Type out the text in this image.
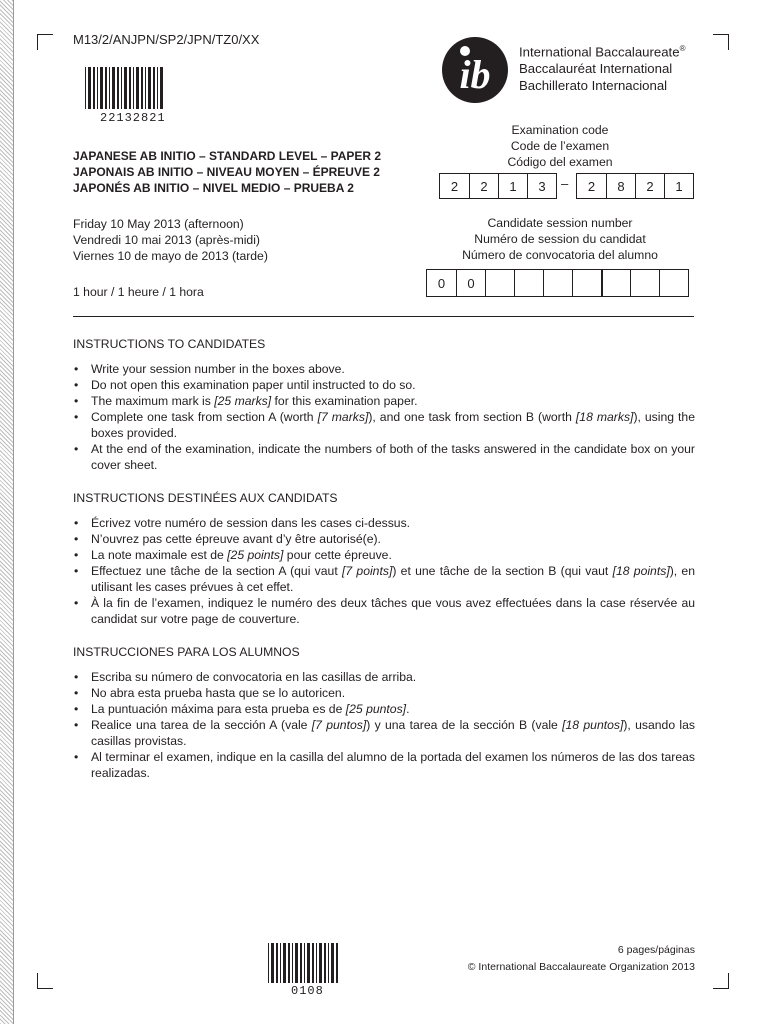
M13/2/ANJPN/SP2/JPN/TZ0/XX
22132821
ib
International Baccalaureate®
Baccalauréat International
Bachillerato Internacional
JAPANESE AB INITIO – STANDARD LEVEL – PAPER 2
JAPONAIS AB INITIO – NIVEAU MOYEN – ÉPREUVE 2
JAPONÉS AB INITIO – NIVEL MEDIO – PRUEBA 2
Friday 10 May 2013 (afternoon)
Vendredi 10 mai 2013 (après-midi)
Viernes 10 de mayo de 2013 (tarde)
1 hour / 1 heure / 1 hora
Examination code
Code de l’examen
Código del examen
2	2	1	3	–	2	8	2	1
Candidate session number
Numéro de session du candidat
Número de convocatoria del alumno
0	0
INSTRUCTIONS TO CANDIDATES
• Write your session number in the boxes above.
• Do not open this examination paper until instructed to do so.
• The maximum mark is [25 marks] for this examination paper.
• Complete one task from section A (worth [7 marks]), and one task from section B (worth [18 marks]), using the boxes provided.
• At the end of the examination, indicate the numbers of both of the tasks answered in the candidate box on your cover sheet.
INSTRUCTIONS DESTINÉES AUX CANDIDATS
• Écrivez votre numéro de session dans les cases ci-dessus.
• N’ouvrez pas cette épreuve avant d’y être autorisé(e).
• La note maximale est de [25 points] pour cette épreuve.
• Effectuez une tâche de la section A (qui vaut [7 points]) et une tâche de la section B (qui vaut [18 points]), en utilisant les cases prévues à cet effet.
• À la fin de l’examen, indiquez le numéro des deux tâches que vous avez effectuées dans la case réservée au candidat sur votre page de couverture.
INSTRUCCIONES PARA LOS ALUMNOS
• Escriba su número de convocatoria en las casillas de arriba.
• No abra esta prueba hasta que se lo autoricen.
• La puntuación máxima para esta prueba es de [25 puntos].
• Realice una tarea de la sección A (vale [7 puntos]) y una tarea de la sección B (vale [18 puntos]), usando las casillas provistas.
• Al terminar el examen, indique en la casilla del alumno de la portada del examen los números de las dos tareas realizadas.
0108
6 pages/páginas
© International Baccalaureate Organization 2013
